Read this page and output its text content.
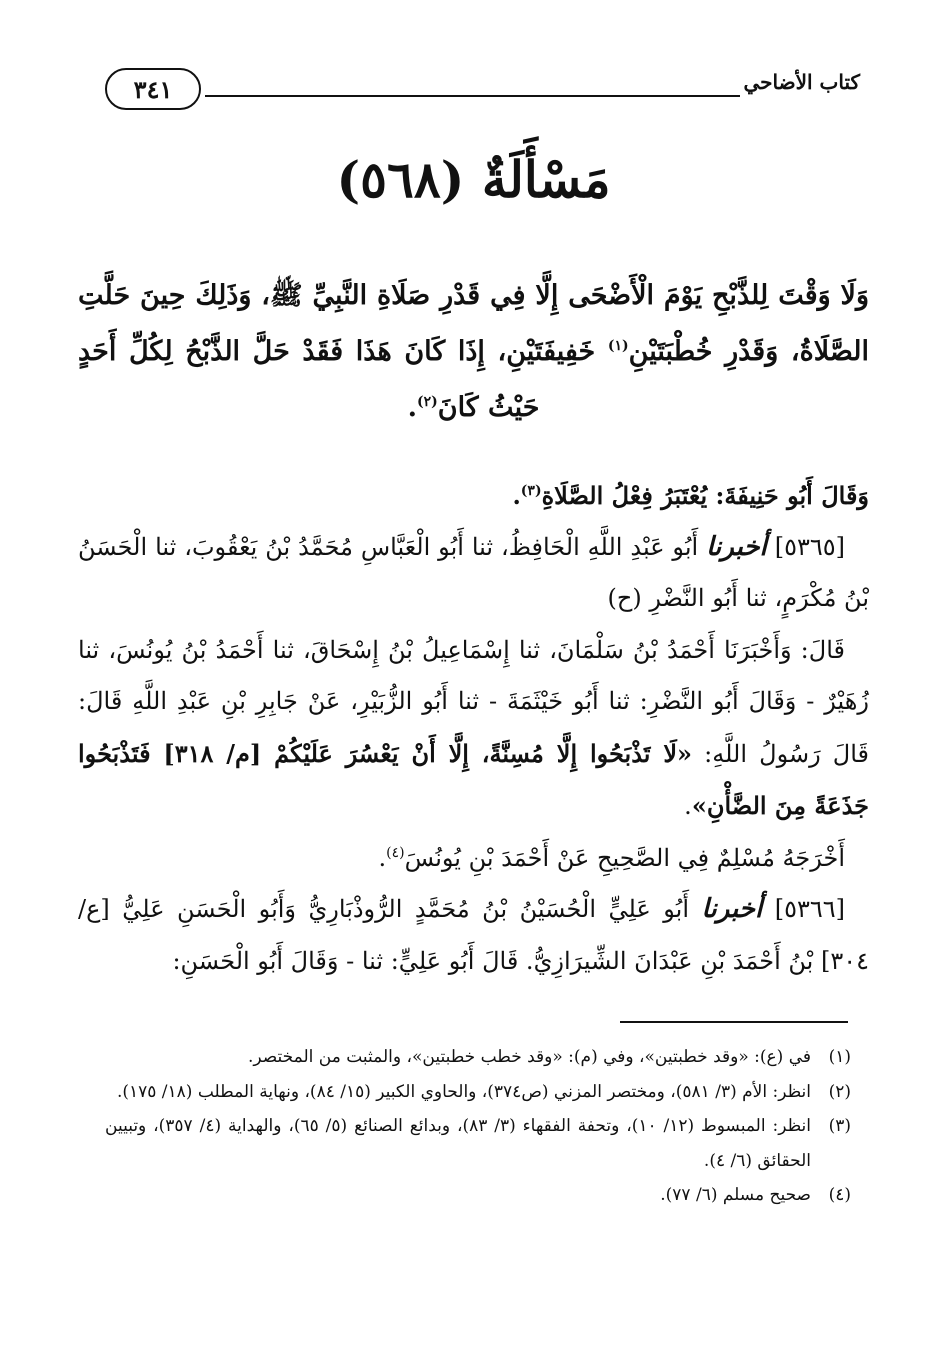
٣٤١	كتاب الأضاحي
مَسْأَلَةٌ (٥٦٨)
وَلَا وَقْتَ لِلذَّبْحِ يَوْمَ الْأَضْحَى إِلَّا فِي قَدْرِ صَلَاةِ النَّبِيِّ ﷺ، وَذَلِكَ حِينَ حَلَّتِ الصَّلَاةُ، وَقَدْرِ خُطْبَتَيْنِ$^{(١)}$ خَفِيفَتَيْنِ، إِذَا كَانَ هَذَا فَقَدْ حَلَّ الذَّبْحُ لِكُلِّ أَحَدٍ حَيْثُ كَانَ$^{(٢)}$.

وَقَالَ أَبُو حَنِيفَةَ: يُعْتَبَرُ فِعْلُ الصَّلَاةِ$^{(٣)}$.

[٥٣٦٥] أخبرنا أَبُو عَبْدِ اللَّهِ الْحَافِظُ، ثنا أَبُو الْعَبَّاسِ مُحَمَّدُ بْنُ يَعْقُوبَ، ثنا الْحَسَنُ بْنُ مُكْرَمٍ، ثنا أَبُو النَّضْرِ (ح)

قَالَ: وَأَخْبَرَنَا أَحْمَدُ بْنُ سَلْمَانَ، ثنا إِسْمَاعِيلُ بْنُ إِسْحَاقَ، ثنا أَحْمَدُ بْنُ يُونُسَ، ثنا زُهَيْرٌ - وَقَالَ أَبُو النَّضْرِ: ثنا أَبُو خَيْثَمَةَ - ثنا أَبُو الزُّبَيْرِ، عَنْ جَابِرِ بْنِ عَبْدِ اللَّهِ قَالَ: قَالَ رَسُولُ اللَّهِ: «لَا تَذْبَحُوا إِلَّا مُسِنَّةً، إِلَّا أَنْ يَعْسُرَ عَلَيْكُمْ [م/ ٣١٨] فَتَذْبَحُوا جَذَعَةً مِنَ الضَّأْنِ».

أَخْرَجَهُ مُسْلِمٌ فِي الصَّحِيحِ عَنْ أَحْمَدَ بْنِ يُونُسَ$^{(٤)}$.

[٥٣٦٦] أخبرنا أَبُو عَلِيٍّ الْحُسَيْنُ بْنُ مُحَمَّدٍ الرُّوذْبَارِيُّ وَأَبُو الْحَسَنِ عَلِيُّ [ع/ ٣٠٤] بْنُ أَحْمَدَ بْنِ عَبْدَانَ الشِّيرَازِيُّ. قَالَ أَبُو عَلِيٍّ: ثنا - وَقَالَ أَبُو الْحَسَنِ:

(١)
في (ع): «وقد خطبتين»، وفي (م): «وقد خطب خطبتين»، والمثبت من المختصر.
(٢)
انظر: الأم (٣/ ٥٨١)، ومختصر المزني (ص٣٧٤)، والحاوي الكبير (١٥/ ٨٤)، ونهاية المطلب (١٨/ ١٧٥).
(٣)
انظر: المبسوط (١٢/ ١٠)، وتحفة الفقهاء (٣/ ٨٣)، وبدائع الصنائع (٥/ ٦٥)، والهداية (٤/ ٣٥٧)، وتبيين الحقائق (٦/ ٤).
(٤)
صحيح مسلم (٦/ ٧٧).
